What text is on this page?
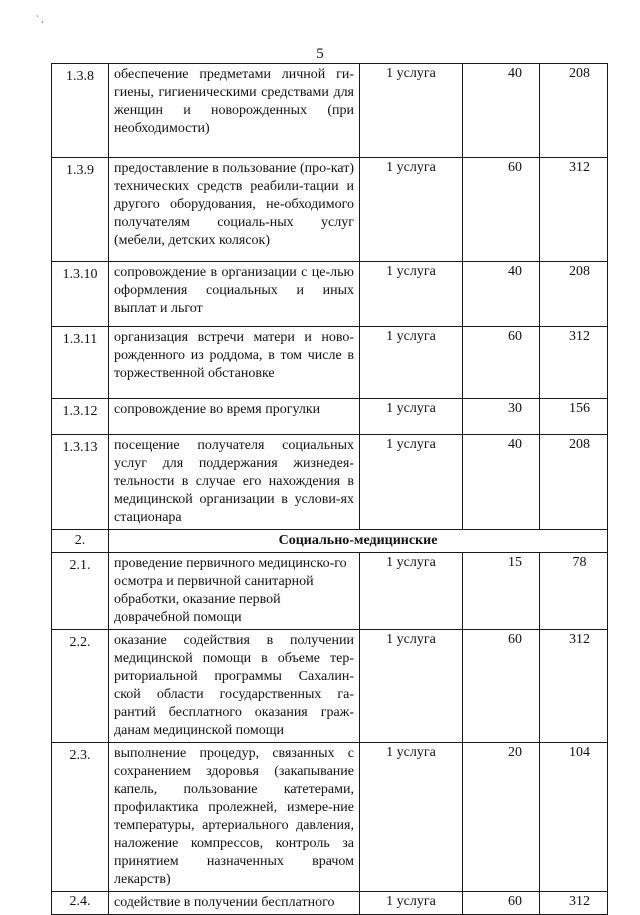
` ,
5
1.3.8	обеспечение предметами личной ги-гиены, гигиеническими средствами для женщин и новорожденных (при необходимости)	1 услуга	40	208
1.3.9	предоставление в пользование (про-кат) технических средств реабили-тации и другого оборудования, не-обходимого получателям социаль-ных услуг (мебели, детских колясок)	1 услуга	60	312
1.3.10	сопровождение в организации с це-лью оформления социальных и иных выплат и льгот	1 услуга	40	208
1.3.11	организация встречи матери и ново-рожденного из роддома, в том числе в торжественной обстановке	1 услуга	60	312
1.3.12	сопровождение во время прогулки	1 услуга	30	156
1.3.13	посещение получателя социальных услуг для поддержания жизнедея-тельности в случае его нахождения в медицинской организации в услови-ях стационара	1 услуга	40	208
2.	Социально-медицинские			
2.1.	проведение первичного медицинско-го осмотра и первичной санитарной обработки, оказание первой доврачебной помощи	1 услуга	15	78
2.2.	оказание содействия в получении медицинской помощи в объеме тер-риториальной программы Сахалин-ской области государственных га-рантий бесплатного оказания граж-данам медицинской помощи	1 услуга	60	312
2.3.	выполнение процедур, связанных с сохранением здоровья (закапывание капель, пользование катетерами, профилактика пролежней, измере-ние температуры, артериального давления, наложение компрессов, контроль за принятием назначенных врачом лекарств)	1 услуга	20	104
2.4.	содействие в получении бесплатного	1 услуга	60	312
